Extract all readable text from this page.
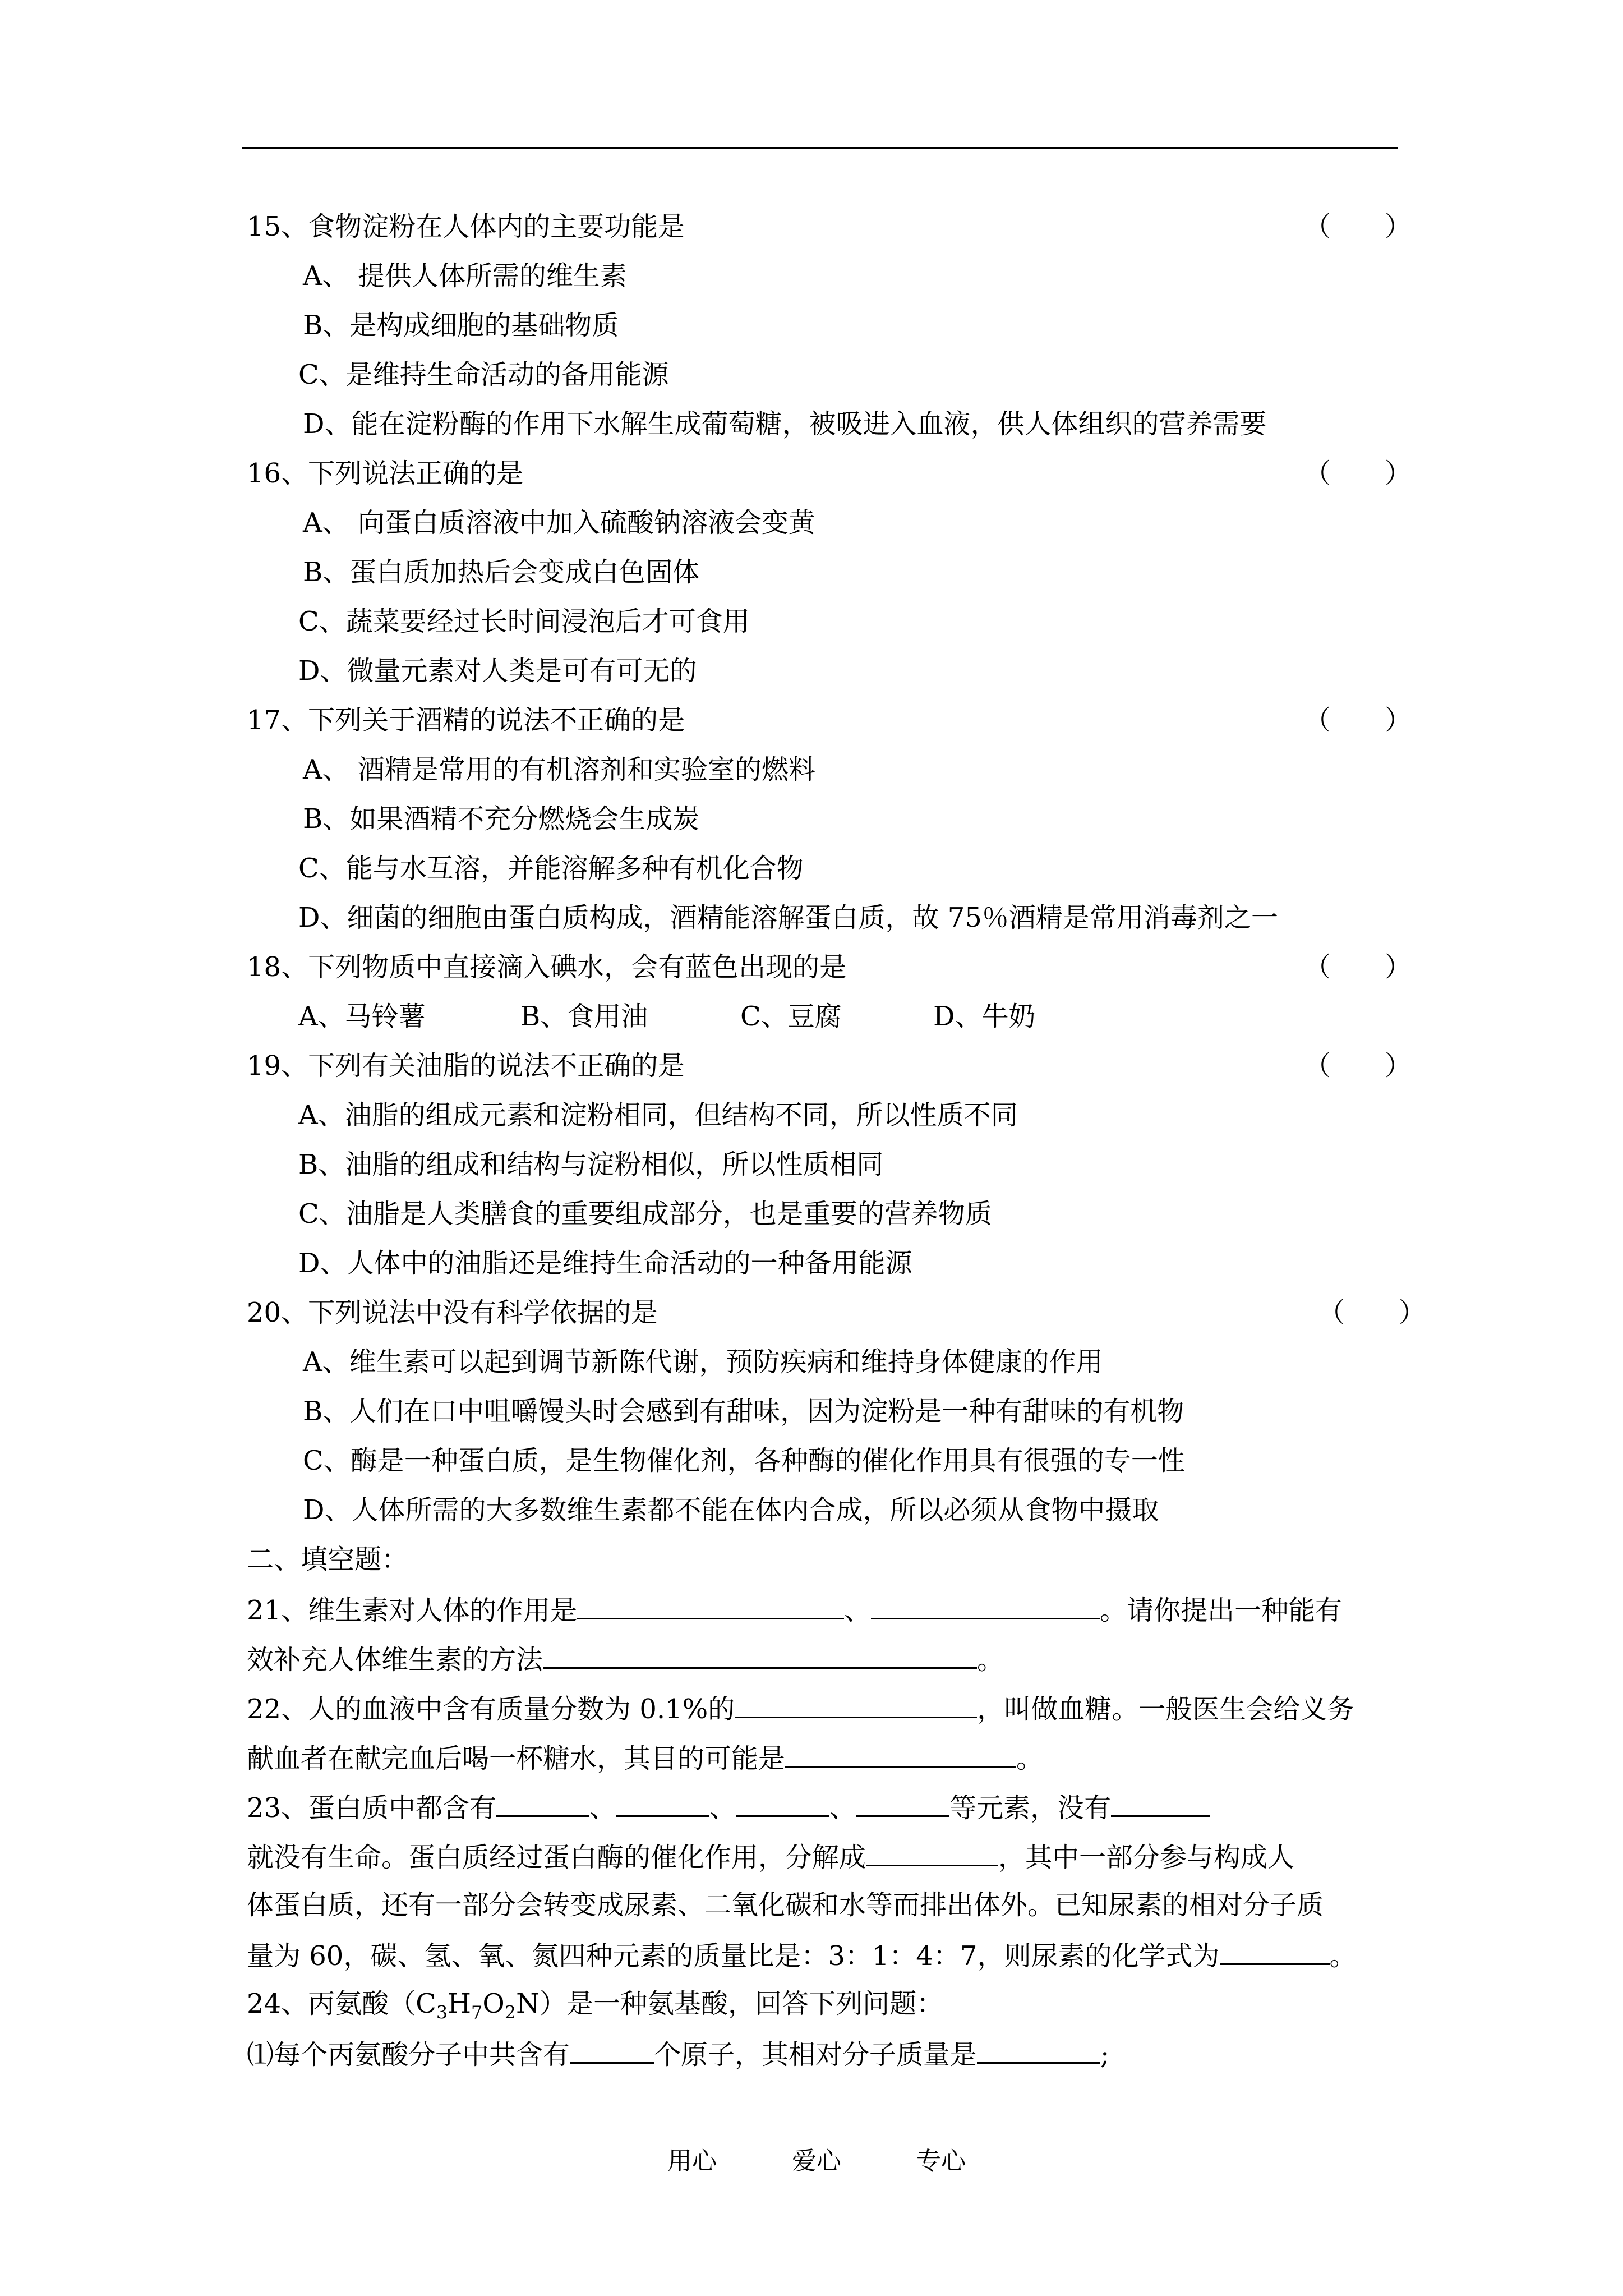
15、食物淀粉在人体内的主要功能是	（　　）
A、 提供人体所需的维生素
B、是构成细胞的基础物质
C、是维持生命活动的备用能源
D、能在淀粉酶的作用下水解生成葡萄糖，被吸进入血液，供人体组织的营养需要
16、下列说法正确的是	（　　）
A、 向蛋白质溶液中加入硫酸钠溶液会变黄
B、蛋白质加热后会变成白色固体
C、蔬菜要经过长时间浸泡后才可食用
D、微量元素对人类是可有可无的
17、下列关于酒精的说法不正确的是	（　　）
A、 酒精是常用的有机溶剂和实验室的燃料
B、如果酒精不充分燃烧会生成炭
C、能与水互溶，并能溶解多种有机化合物
D、细菌的细胞由蛋白质构成，酒精能溶解蛋白质，故 75％酒精是常用消毒剂之一
18、下列物质中直接滴入碘水，会有蓝色出现的是	（　　）
A、马铃薯	B、食用油	C、豆腐	D、牛奶
19、下列有关油脂的说法不正确的是	（　　）
A、油脂的组成元素和淀粉相同，但结构不同，所以性质不同
B、油脂的组成和结构与淀粉相似，所以性质相同
C、油脂是人类膳食的重要组成部分，也是重要的营养物质
D、人体中的油脂还是维持生命活动的一种备用能源
20、下列说法中没有科学依据的是	（　　）
A、维生素可以起到调节新陈代谢，预防疾病和维持身体健康的作用
B、人们在口中咀嚼馒头时会感到有甜味，因为淀粉是一种有甜味的有机物
C、酶是一种蛋白质，是生物催化剂，各种酶的催化作用具有很强的专一性
D、人体所需的大多数维生素都不能在体内合成，所以必须从食物中摄取
二、填空题：
21、维生素对人体的作用是	、	。请你提出一种能有
效补充人体维生素的方法	。
22、人的血液中含有质量分数为 0.1%的	，叫做血糖。一般医生会给义务
献血者在献完血后喝一杯糖水，其目的可能是	。
23、蛋白质中都含有	、	、	、	等元素，没有
就没有生命。蛋白质经过蛋白酶的催化作用，分解成	，其中一部分参与构成人
体蛋白质，还有一部分会转变成尿素、二氧化碳和水等而排出体外。已知尿素的相对分子质
量为 60，碳、氢、氧、氮四种元素的质量比是：3：1：4：7，则尿素的化学式为	。
24、丙氨酸$(C_3H_7O_2N)$是一种氨基酸，回答下列问题：
⑴每个丙氨酸分子中共含有	个原子，其相对分子质量是	;
用心	爱心	专心
